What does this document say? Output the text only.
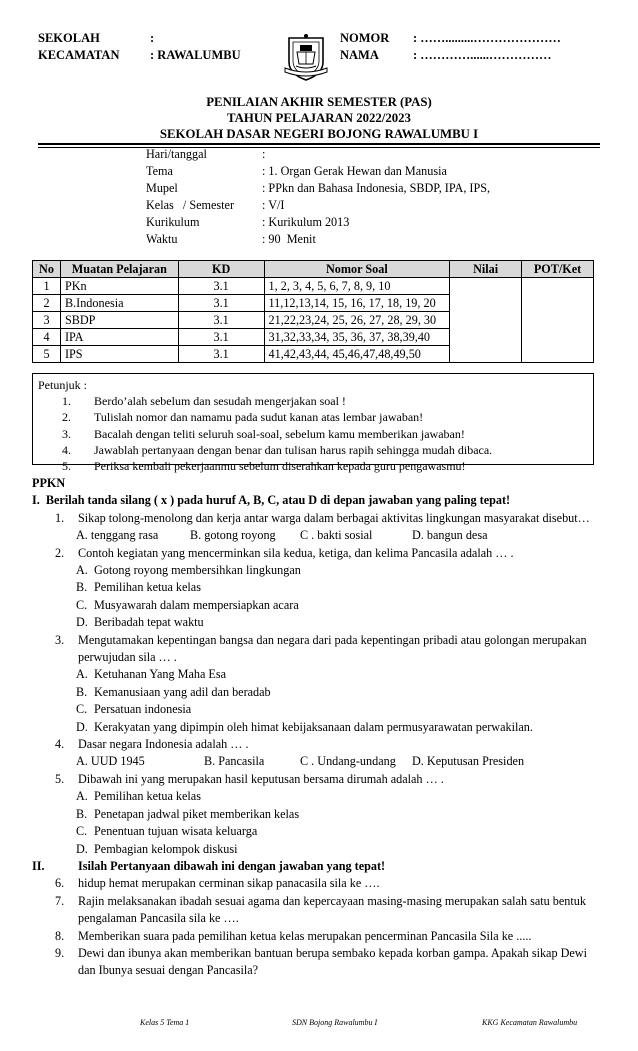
SEKOLAH	:
KECAMATAN : RAWALUMBU
NOMOR : …….........…………………
NAMA	: …………......……………
PENILAIAN AKHIR SEMESTER (PAS)
TAHUN PELAJARAN 2022/2023
SEKOLAH DASAR NEGERI BOJONG RAWALUMBU I
Hari/tanggal	:
Tema	: 1. Organ Gerak Hewan dan Manusia
Mupel	: PPkn dan Bahasa Indonesia, SBDP, IPA, IPS,
Kelas   / Semester : V/I
Kurikulum	: Kurikulum 2013
Waktu	: 90  Menit
No	Muatan Pelajaran	KD	Nomor Soal	Nilai	POT/Ket
1	PKn	3.1	1, 2, 3, 4, 5, 6, 7, 8, 9, 10		
2	B.Indonesia	3.1	11,12,13,14, 15, 16, 17, 18, 19, 20		
3	SBDP	3.1	21,22,23,24, 25, 26, 27, 28, 29, 30		
4	IPA	3.1	31,32,33,34, 35, 36, 37, 38,39,40		
5	IPS	3.1	41,42,43,44, 45,46,47,48,49,50		
Petunjuk :
1. Berdo’alah sebelum dan sesudah mengerjakan soal !
2. Tulislah nomor dan namamu pada sudut kanan atas lembar jawaban!
3. Bacalah dengan teliti seluruh soal-soal, sebelum kamu memberikan jawaban!
4. Jawablah pertanyaan dengan benar dan tulisan harus rapih sehingga mudah dibaca.
5. Periksa kembali pekerjaanmu sebelum diserahkan kepada guru pengawasmu!
PPKN
I.  Berilah tanda silang ( x ) pada huruf A, B, C, atau D di depan jawaban yang paling tepat!
1. Sikap tolong-menolong dan kerja antar warga dalam berbagai aktivitas lingkungan masyarakat disebut…
A. tenggang rasa	B. gotong royong C . bakti sosial	D. bangun desa
2. Contoh kegiatan yang mencerminkan sila kedua, ketiga, dan kelima Pancasila adalah … .
A. Gotong royong membersihkan lingkungan
B. Pemilihan ketua kelas
C. Musyawarah dalam mempersiapkan acara
D. Beribadah tepat waktu
3. Mengutamakan kepentingan bangsa dan negara dari pada kepentingan pribadi atau golongan merupakan
perwujudan sila … .
A. Ketuhanan Yang Maha Esa
B. Kemanusiaan yang adil dan beradab
C. Persatuan indonesia
D. Kerakyatan yang dipimpin oleh himat kebijaksanaan dalam permusyarawatan perwakilan.
4. Dasar negara Indonesia adalah … .
A. UUD 1945	B. Pancasila	C . Undang-undang D. Keputusan Presiden
5. Dibawah ini yang merupakan hasil keputusan bersama dirumah adalah … .
A. Pemilihan ketua kelas
B. Penetapan jadwal piket memberikan kelas
C. Penentuan tujuan wisata keluarga
D. Pembagian kelompok diskusi
II.	Isilah Pertanyaan dibawah ini dengan jawaban yang tepat!
6. hidup hemat merupakan cerminan sikap panacasila sila ke ….
7. Rajin melaksanakan ibadah sesuai agama dan kepercayaan masing-masing merupakan salah satu bentuk
pengalaman Pancasila sila ke ….
8. Memberikan suara pada pemilihan ketua kelas merupakan pencerminan Pancasila Sila ke .....
9. Dewi dan ibunya akan memberikan bantuan berupa sembako kepada korban gampa. Apakah sikap Dewi
dan Ibunya sesuai dengan Pancasila?
Kelas 5 Tema 1	SDN Bojong Rawalumbu I	KKG Kecamatan Rawalumbu
